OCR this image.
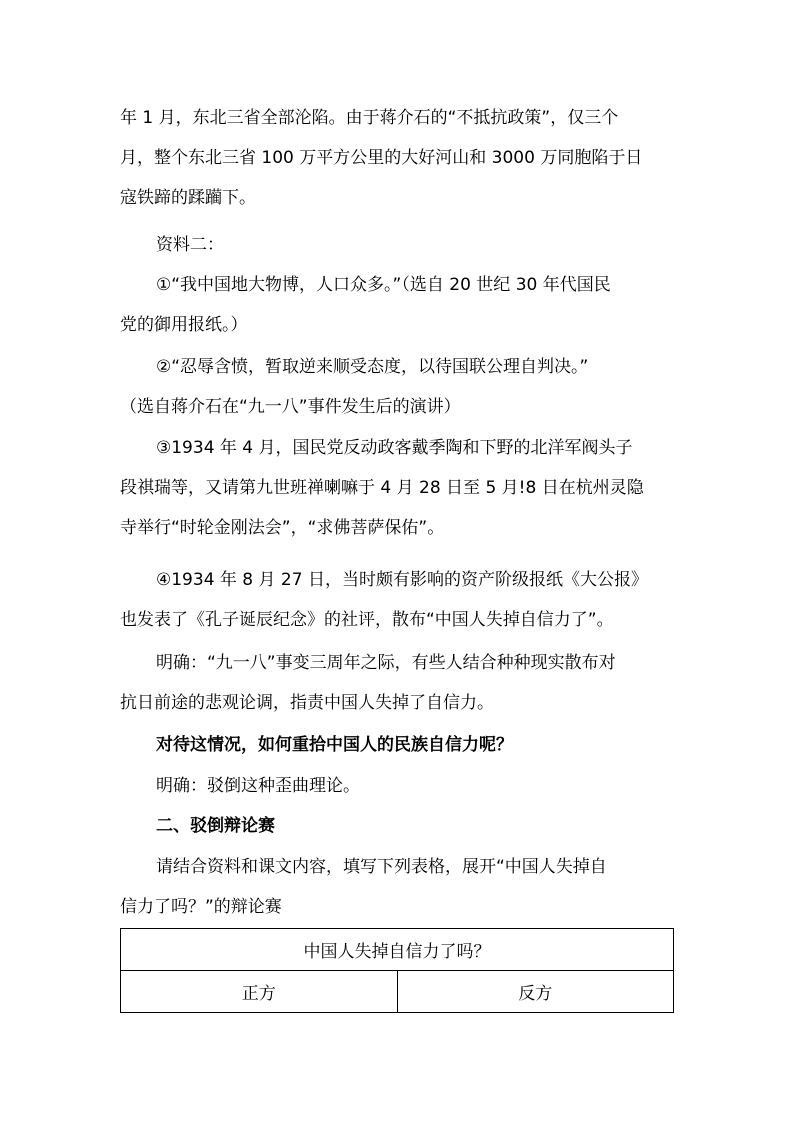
年 1 月，东北三省全部沦陷。由于蒋介石的“不抵抗政策”，仅三个
月，整个东北三省 100 万平方公里的大好河山和 3000 万同胞陷于日
寇铁蹄的蹂躏下。

资料二：

①“我中国地大物博，人口众多。”（选自 20 世纪 30 年代国民
党的御用报纸。）

②“忍辱含愤，暂取逆来顺受态度，以待国联公理自判决。”
（选自蒋介石在“九一八”事件发生后的演讲）

③1934 年 4 月，国民党反动政客戴季陶和下野的北洋军阀头子
段祺瑞等，又请第九世班禅喇嘛于 4 月 28 日至 5 月!8 日在杭州灵隐
寺举行“时轮金刚法会”，“求佛菩萨保佑”。

④1934 年 8 月 27 日，当时颇有影响的资产阶级报纸《大公报》
也发表了《孔子诞辰纪念》的社评，散布“中国人失掉自信力了”。

明确：“九一八”事变三周年之际，有些人结合种种现实散布对
抗日前途的悲观论调，指责中国人失掉了自信力。

对待这情况，如何重拾中国人的民族自信力呢？

明确：驳倒这种歪曲理论。

二、驳倒辩论赛

请结合资料和课文内容，填写下列表格，展开“中国人失掉自
信力了吗？”的辩论赛

中国人失掉自信力了吗？
正方	反方
